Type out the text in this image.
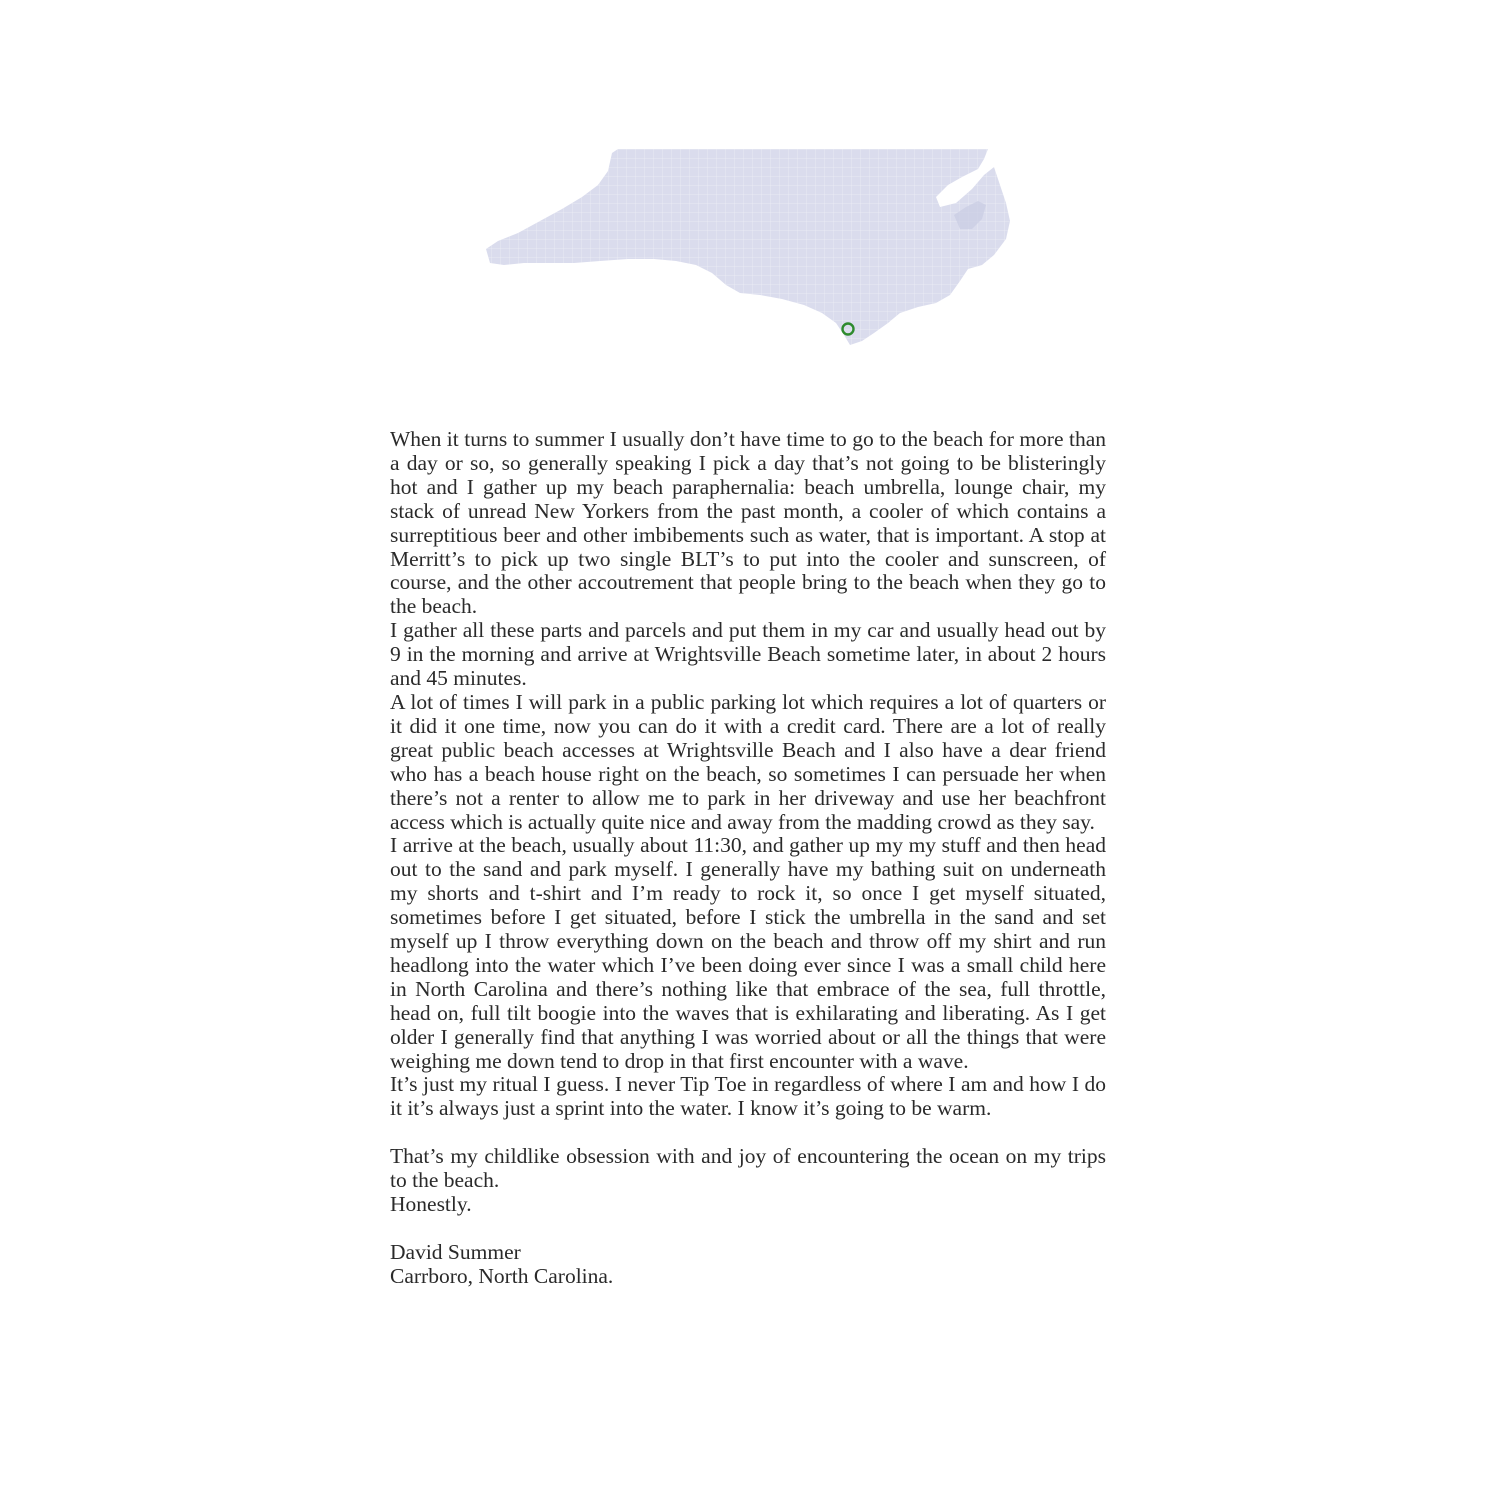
When it turns to summer I usually don’t have time to go to the beach for more than a day or so, so generally speaking I pick a day that’s not going to be blisteringly hot and I gather up my beach paraphernalia: beach umbrella, lounge chair, my stack of unread New Yorkers from the past month, a cooler of which contains a surreptitious beer and other imbibements such as water, that is important. A stop at Merritt’s to pick up two single BLT’s to put into the cooler and sunscreen, of course, and the other accoutrement that people bring to the beach when they go to the beach.

I gather all these parts and parcels and put them in my car and usually head out by 9 in the morning and arrive at Wrightsville Beach sometime later, in about 2 hours and 45 minutes.

A lot of times I will park in a public parking lot which requires a lot of quarters or it did it one time, now you can do it with a credit card. There are a lot of really great public beach accesses at Wrightsville Beach and I also have a dear friend who has a beach house right on the beach, so sometimes I can persuade her when there’s not a renter to allow me to park in her driveway and use her beachfront access which is actually quite nice and away from the madding crowd as they say.

I arrive at the beach, usually about 11:30, and gather up my my stuff and then head out to the sand and park myself. I generally have my bathing suit on underneath my shorts and t-shirt and I’m ready to rock it, so once I get myself situated, sometimes before I get situated, before I stick the umbrella in the sand and set myself up I throw everything down on the beach and throw off my shirt and run headlong into the water which I’ve been doing ever since I was a small child here in North Carolina and there’s nothing like that embrace of the sea, full throttle, head on, full tilt boogie into the waves that is exhilarating and liberating. As I get older I generally find that anything I was worried about or all the things that were weighing me down tend to drop in that first encounter with a wave.

It’s just my ritual I guess. I never Tip Toe in regardless of where I am and how I do it it’s always just a sprint into the water. I know it’s going to be warm.

That’s my childlike obsession with and joy of encountering the ocean on my trips to the beach.

Honestly.

David Summer

Carrboro, North Carolina.
